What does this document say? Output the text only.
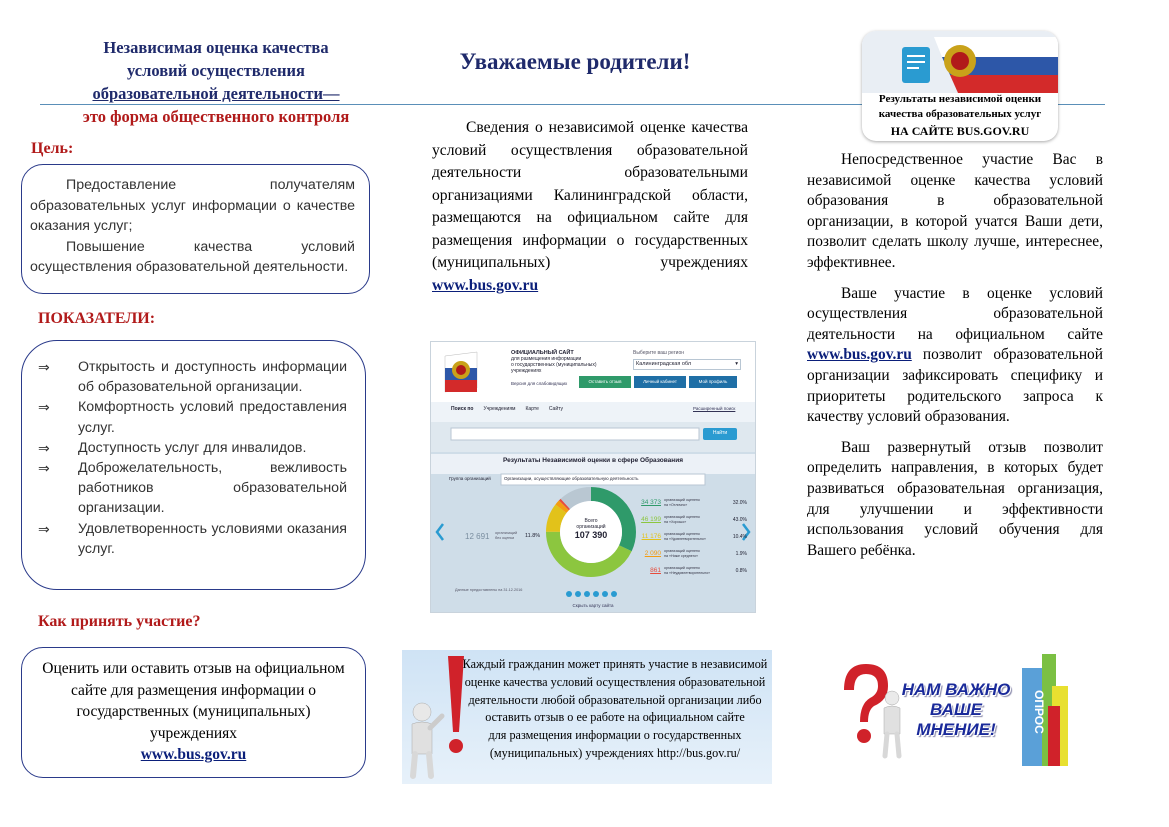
Независимая оценка качества
условий осуществления
образовательной деятельности—
это форма общественного контроля
Цель:

Предоставление получателям образовательных услуг информации о качестве оказания услуг;

Повышение качества условий осуществления образовательной деятельности.

ПОКАЗАТЕЛИ:
⇒	Открытость и доступность информации об образовательной организации.
⇒	Комфортность условий предоставления услуг.
⇒	Доступность услуг для инвалидов.
⇒	Доброжелательность, вежливость работников образовательной организации.
⇒	Удовлетворенность условиями оказания услуг.
Как принять участие?
Оценить или оставить отзыв на официальном сайте для размещения информации о государственных (муниципальных) учреждениях
www.bus.gov.ru
Уважаемые родители!

Сведения о независимой оценке качества условий осуществления образовательной деятельности образовательными организациями Калининградской области, размещаются на официальном сайте для размещения информации о государственных (муниципальных) учреждениях www.bus.gov.ru

ОФИЦИАЛЬНЫЙ САЙТ
для размещения информации
о государственных (муниципальных)
учреждениях
Выберите ваш регион
Калининградская обл	▾
Версия для слабовидящих	Оставить отзыв	Личный кабинет	Мой профиль
Поиск по Учреждениям Карте Сайту	Расширенный поиск
Найти
Результаты Независимой оценки в сфере Образования
Группа организаций	Организации, осуществляющие образовательную деятельность
Всего
организаций
107 390
12 691 организаций
без оценки	11.8%
34 373 организаций оценено
на «Отлично»	32.0%
46 199 организаций оценено
на «Хорошо»	43.0%
11 176 организаций оценено
на «Удовлетворительно»	10.4%
2 090 организаций оценено
на «Ниже среднего»	1.9%
861 организаций оценено
на «Неудовлетворительно»	0.8%
Данные предоставлены на 31.12.2016
Скрыть карту сайта
Каждый гражданин может принять участие в независимой
оценке качества условий осуществления образовательной
деятельности любой образовательной организации либо
оставить отзыв о ее работе на официальном сайте
для размещения информации о государственных
(муниципальных) учреждениях http://bus.gov.ru/
Результаты независимой оценки
качества образовательных услуг
НА САЙТЕ BUS.GOV.RU

Непосредственное участие Вас в независимой оценке качества условий образования в образовательной организации, в которой учатся Ваши дети, позволит сделать школу лучше, интереснее, эффективнее.

Ваше участие в оценке условий осуществления образовательной деятельности на официальном сайте www.bus.gov.ru позволит образовательной организации зафиксировать специфику и приоритеты родительского запроса к качеству условий образования.

Ваш развернутый отзыв позволит определить направления, в которых будет развиваться образовательная организация, для улучшении и эффективности использования условий обучения для Вашего ребёнка.

НАМ ВАЖНО
ВАШЕ
МНЕНИЕ!	ОПРОС
